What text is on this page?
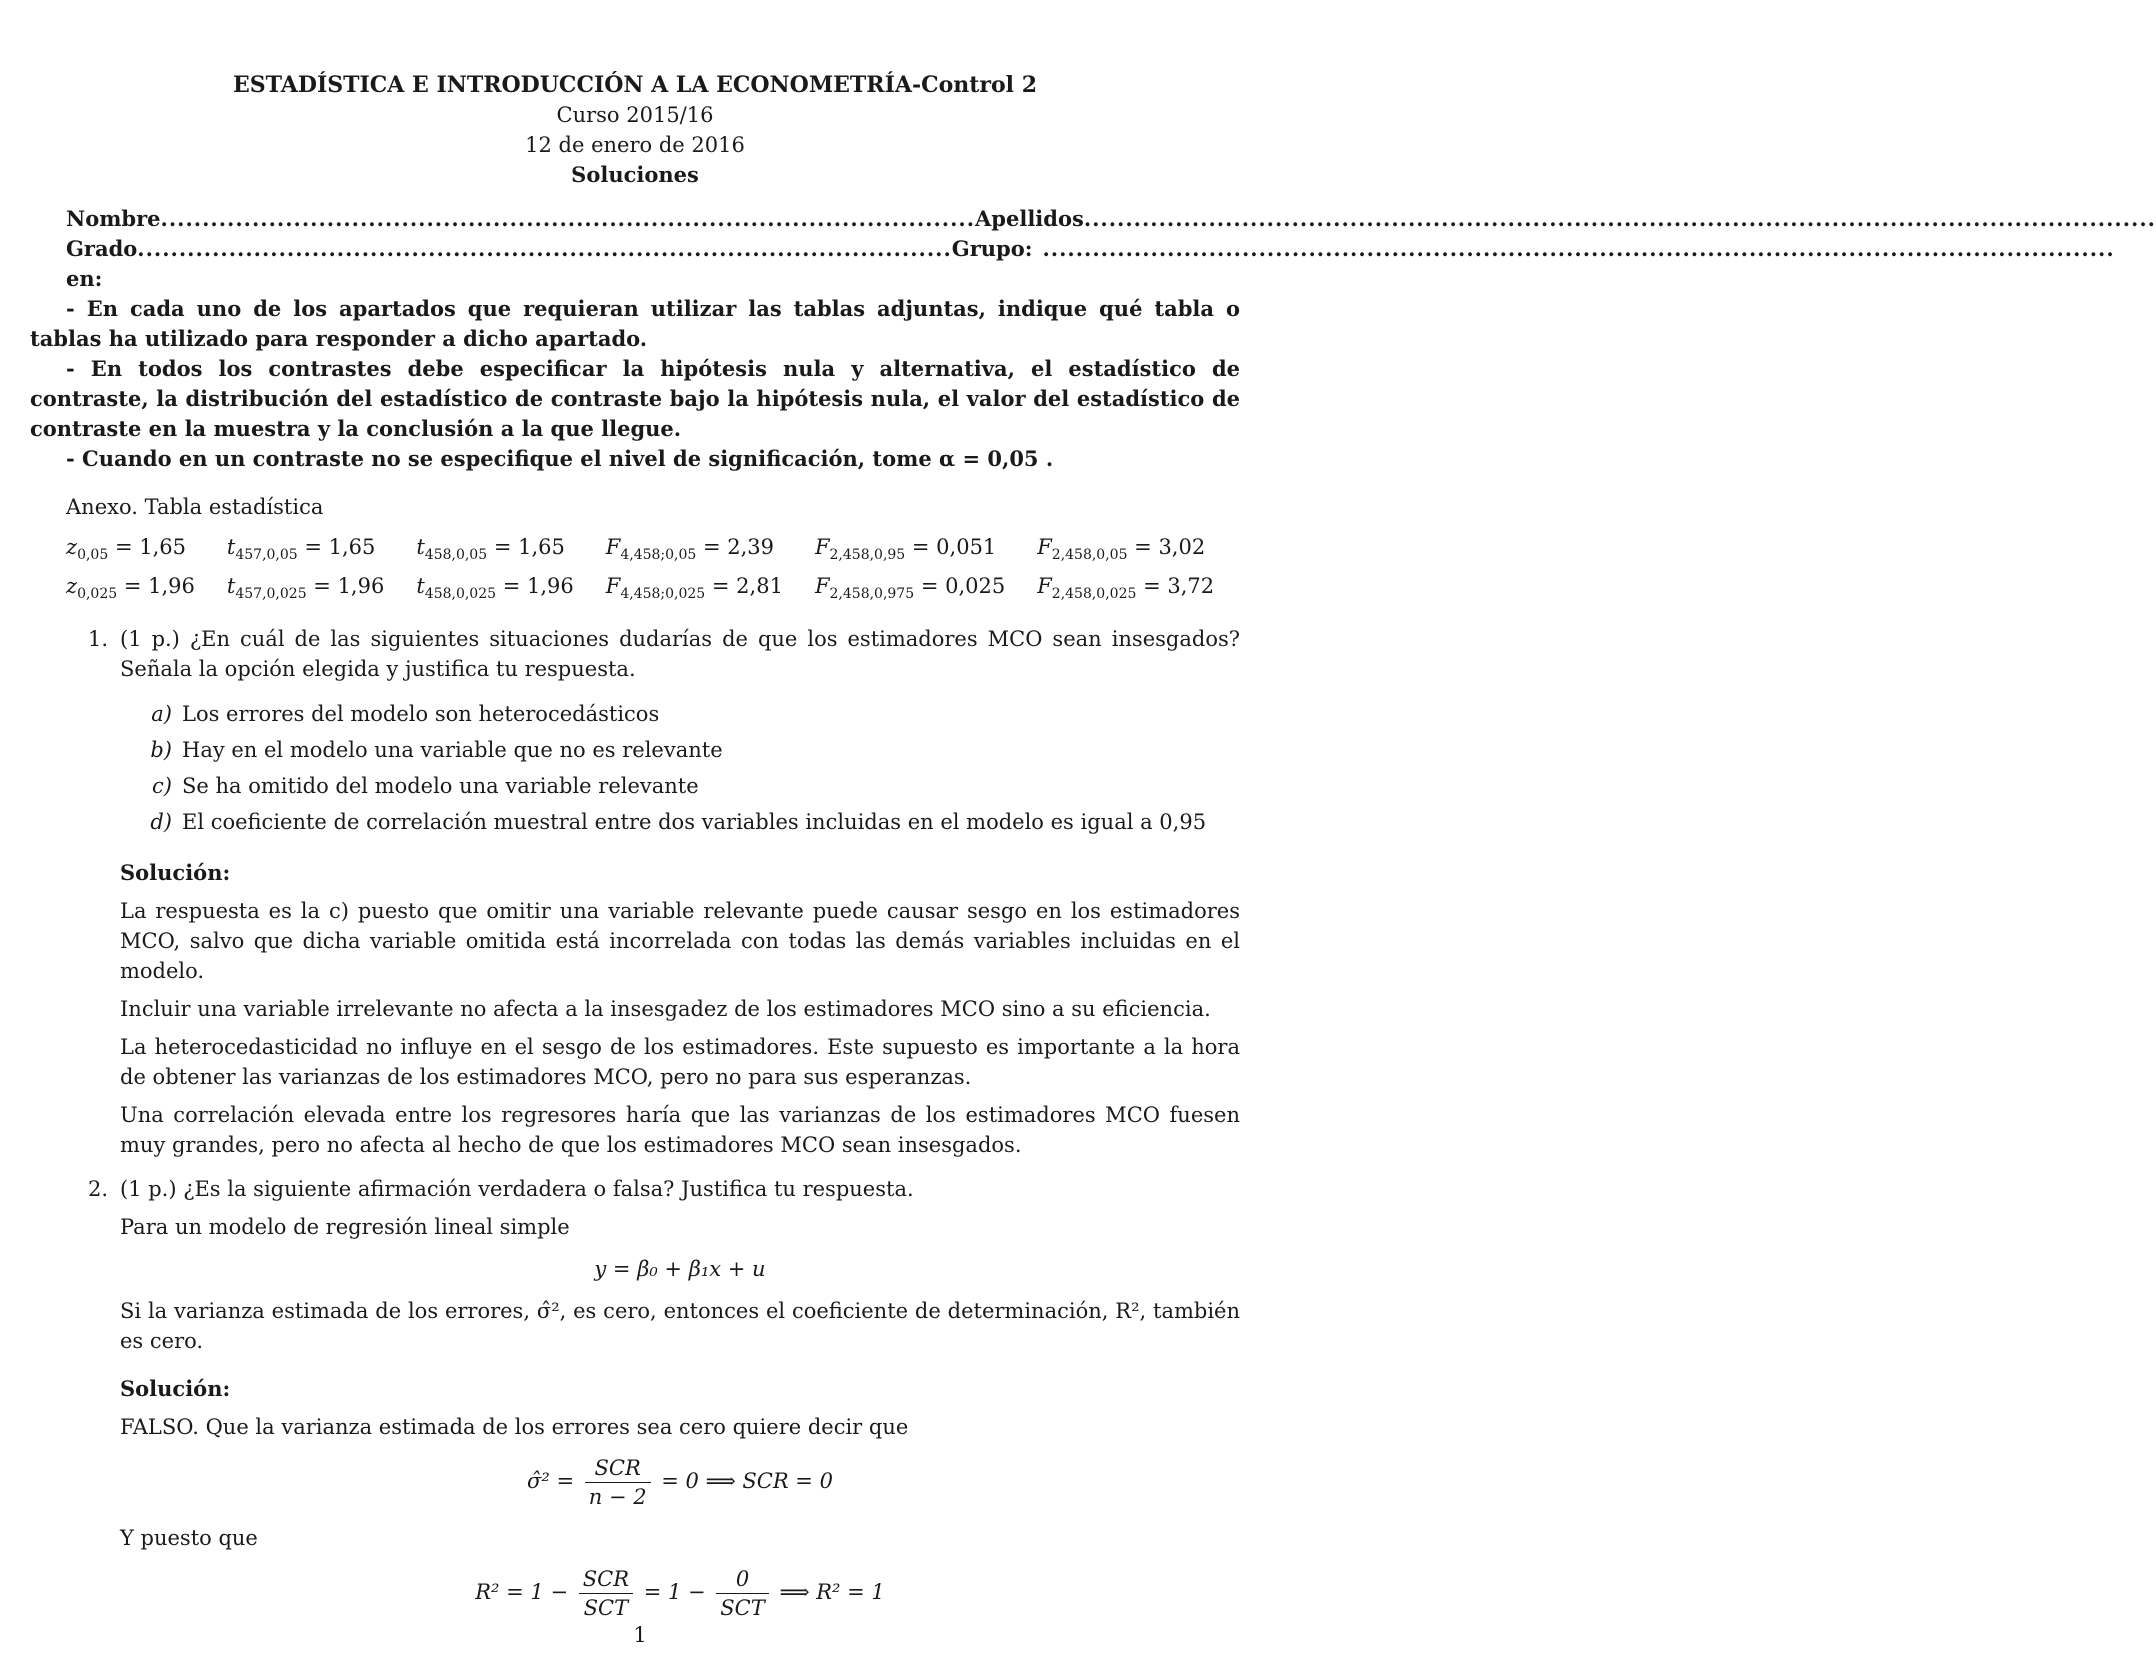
ESTADÍSTICA E INTRODUCCIÓN A LA ECONOMETRÍA-Control 2
Curso 2015/16
12 de enero de 2016
Soluciones
Nombre .................................................................................................. Apellidos .................................................................................................................................
Grado en:
.................................................................................................. Grupo: .................................................................................................................................

- En cada uno de los apartados que requieran utilizar las tablas adjuntas, indique qué tabla o tablas ha utilizado para responder a dicho apartado.

- En todos los contrastes debe especificar la hipótesis nula y alternativa, el estadístico de contraste, la distribución del estadístico de contraste bajo la hipótesis nula, el valor del estadístico de contraste en la muestra y la conclusión a la que llegue.

- Cuando en un contraste no se especifique el nivel de significación, tome α = 0,05 .

Anexo. Tabla estadística
$z_{0,05} = 1,65$	$t_{457,0,05} = 1,65$	$t_{458,0,05} = 1,65$	$F_{4,458;0,05} = 2,39$	$F_{2,458,0,95} = 0,051$	$F_{2,458,0,05} = 3,02$
$z_{0,025} = 1,96$	$t_{457,0,025} = 1,96$	$t_{458,0,025} = 1,96$	$F_{4,458;0,025} = 2,81$	$F_{2,458,0,975} = 0,025$	$F_{2,458,0,025} = 3,72$
1. (1 p.) ¿En cuál de las siguientes situaciones dudarías de que los estimadores MCO sean insesgados? Señala la opción elegida y justifica tu respuesta.
a) Los errores del modelo son heterocedásticos
b) Hay en el modelo una variable que no es relevante
c) Se ha omitido del modelo una variable relevante
d) El coeficiente de correlación muestral entre dos variables incluidas en el modelo es igual a 0,95
Solución:
La respuesta es la c) puesto que omitir una variable relevante puede causar sesgo en los estimadores MCO, salvo que dicha variable omitida está incorrelada con todas las demás variables incluidas en el modelo.
Incluir una variable irrelevante no afecta a la insesgadez de los estimadores MCO sino a su eficiencia.
La heterocedasticidad no influye en el sesgo de los estimadores. Este supuesto es importante a la hora de obtener las varianzas de los estimadores MCO, pero no para sus esperanzas.
Una correlación elevada entre los regresores haría que las varianzas de los estimadores MCO fuesen muy grandes, pero no afecta al hecho de que los estimadores MCO sean insesgados.
2. (1 p.) ¿Es la siguiente afirmación verdadera o falsa? Justifica tu respuesta.
Para un modelo de regresión lineal simple
y = β₀ + β₁x + u
Si la varianza estimada de los errores, σ̂², es cero, entonces el coeficiente de determinación, R², también es cero.
Solución:
FALSO. Que la varianza estimada de los errores sea cero quiere decir que
σ̂² = $\frac{\text{SCR}}{n - 2} = 0$ ⟹ SCR = 0
Y puesto que
$R^2 = 1 - \frac{\text{SCR}}{\text{SCT}} = 1 - \frac{0}{\text{SCT}}$ ⟹ R² = 1
1
